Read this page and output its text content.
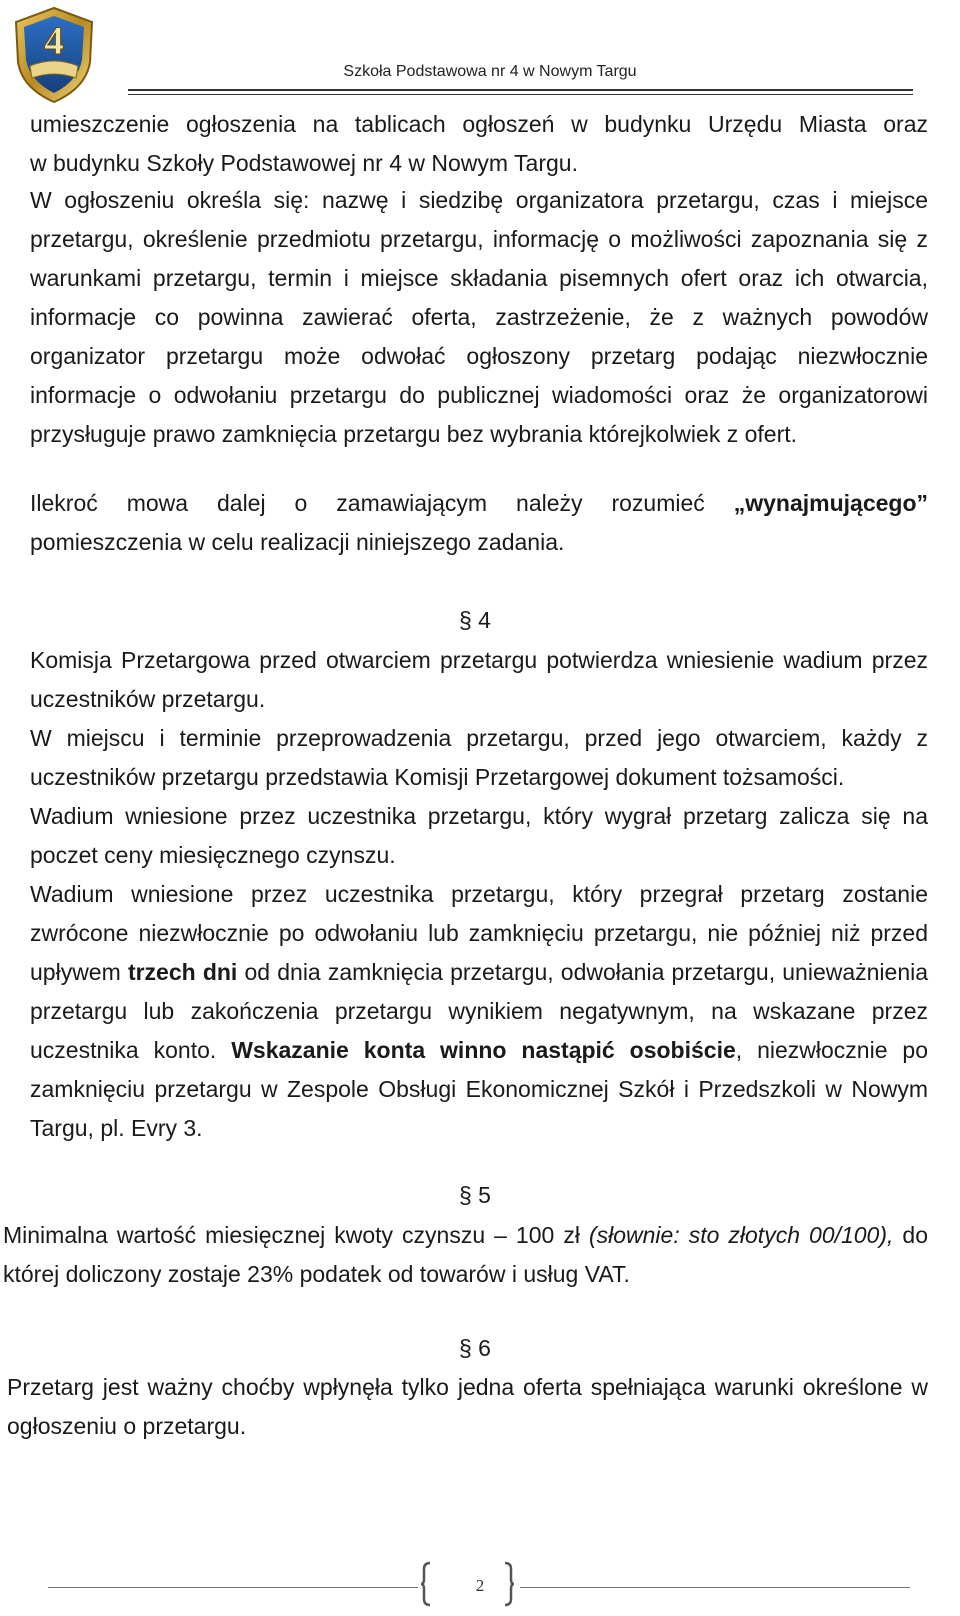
4
Szkoła Podstawowa nr 4 w Nowym Targu

umieszczenie ogłoszenia na tablicach ogłoszeń w budynku Urzędu Miasta oraz

w budynku Szkoły Podstawowej nr 4 w Nowym Targu.

W ogłoszeniu określa się: nazwę i siedzibę organizatora przetargu, czas i miejsce przetargu, określenie przedmiotu przetargu, informację o możliwości zapoznania się z warunkami przetargu, termin i miejsce składania pisemnych ofert oraz ich otwarcia, informacje co powinna zawierać oferta, zastrzeżenie, że z ważnych powodów organizator przetargu może odwołać ogłoszony przetarg podając niezwłocznie informacje o odwołaniu przetargu do publicznej wiadomości oraz że organizatorowi przysługuje prawo zamknięcia przetargu bez wybrania którejkolwiek z ofert.

Ilekroć mowa dalej o zamawiającym należy rozumieć „wynajmującego” pomieszczenia w celu realizacji niniejszego zadania.

§ 4

Komisja Przetargowa przed otwarciem przetargu potwierdza wniesienie wadium przez uczestników przetargu.

W miejscu i terminie przeprowadzenia przetargu, przed jego otwarciem, każdy z uczestników przetargu przedstawia Komisji Przetargowej dokument tożsamości.

Wadium wniesione przez uczestnika przetargu, który wygrał przetarg zalicza się na poczet ceny miesięcznego czynszu.

Wadium wniesione przez uczestnika przetargu, który przegrał przetarg zostanie zwrócone niezwłocznie po odwołaniu lub zamknięciu przetargu, nie później niż przed upływem trzech dni od dnia zamknięcia przetargu, odwołania przetargu, unieważnienia przetargu lub zakończenia przetargu wynikiem negatywnym, na wskazane przez uczestnika konto. Wskazanie konta winno nastąpić osobiście, niezwłocznie po zamknięciu przetargu w Zespole Obsługi Ekonomicznej Szkół i Przedszkoli w Nowym Targu, pl. Evry 3.

§ 5

Minimalna wartość miesięcznej kwoty czynszu – 100 zł (słownie: sto złotych 00/100), do której doliczony zostaje 23% podatek od towarów i usług VAT.

§ 6

Przetarg jest ważny choćby wpłynęła tylko jedna oferta spełniająca warunki określone w ogłoszeniu o przetargu.

2
